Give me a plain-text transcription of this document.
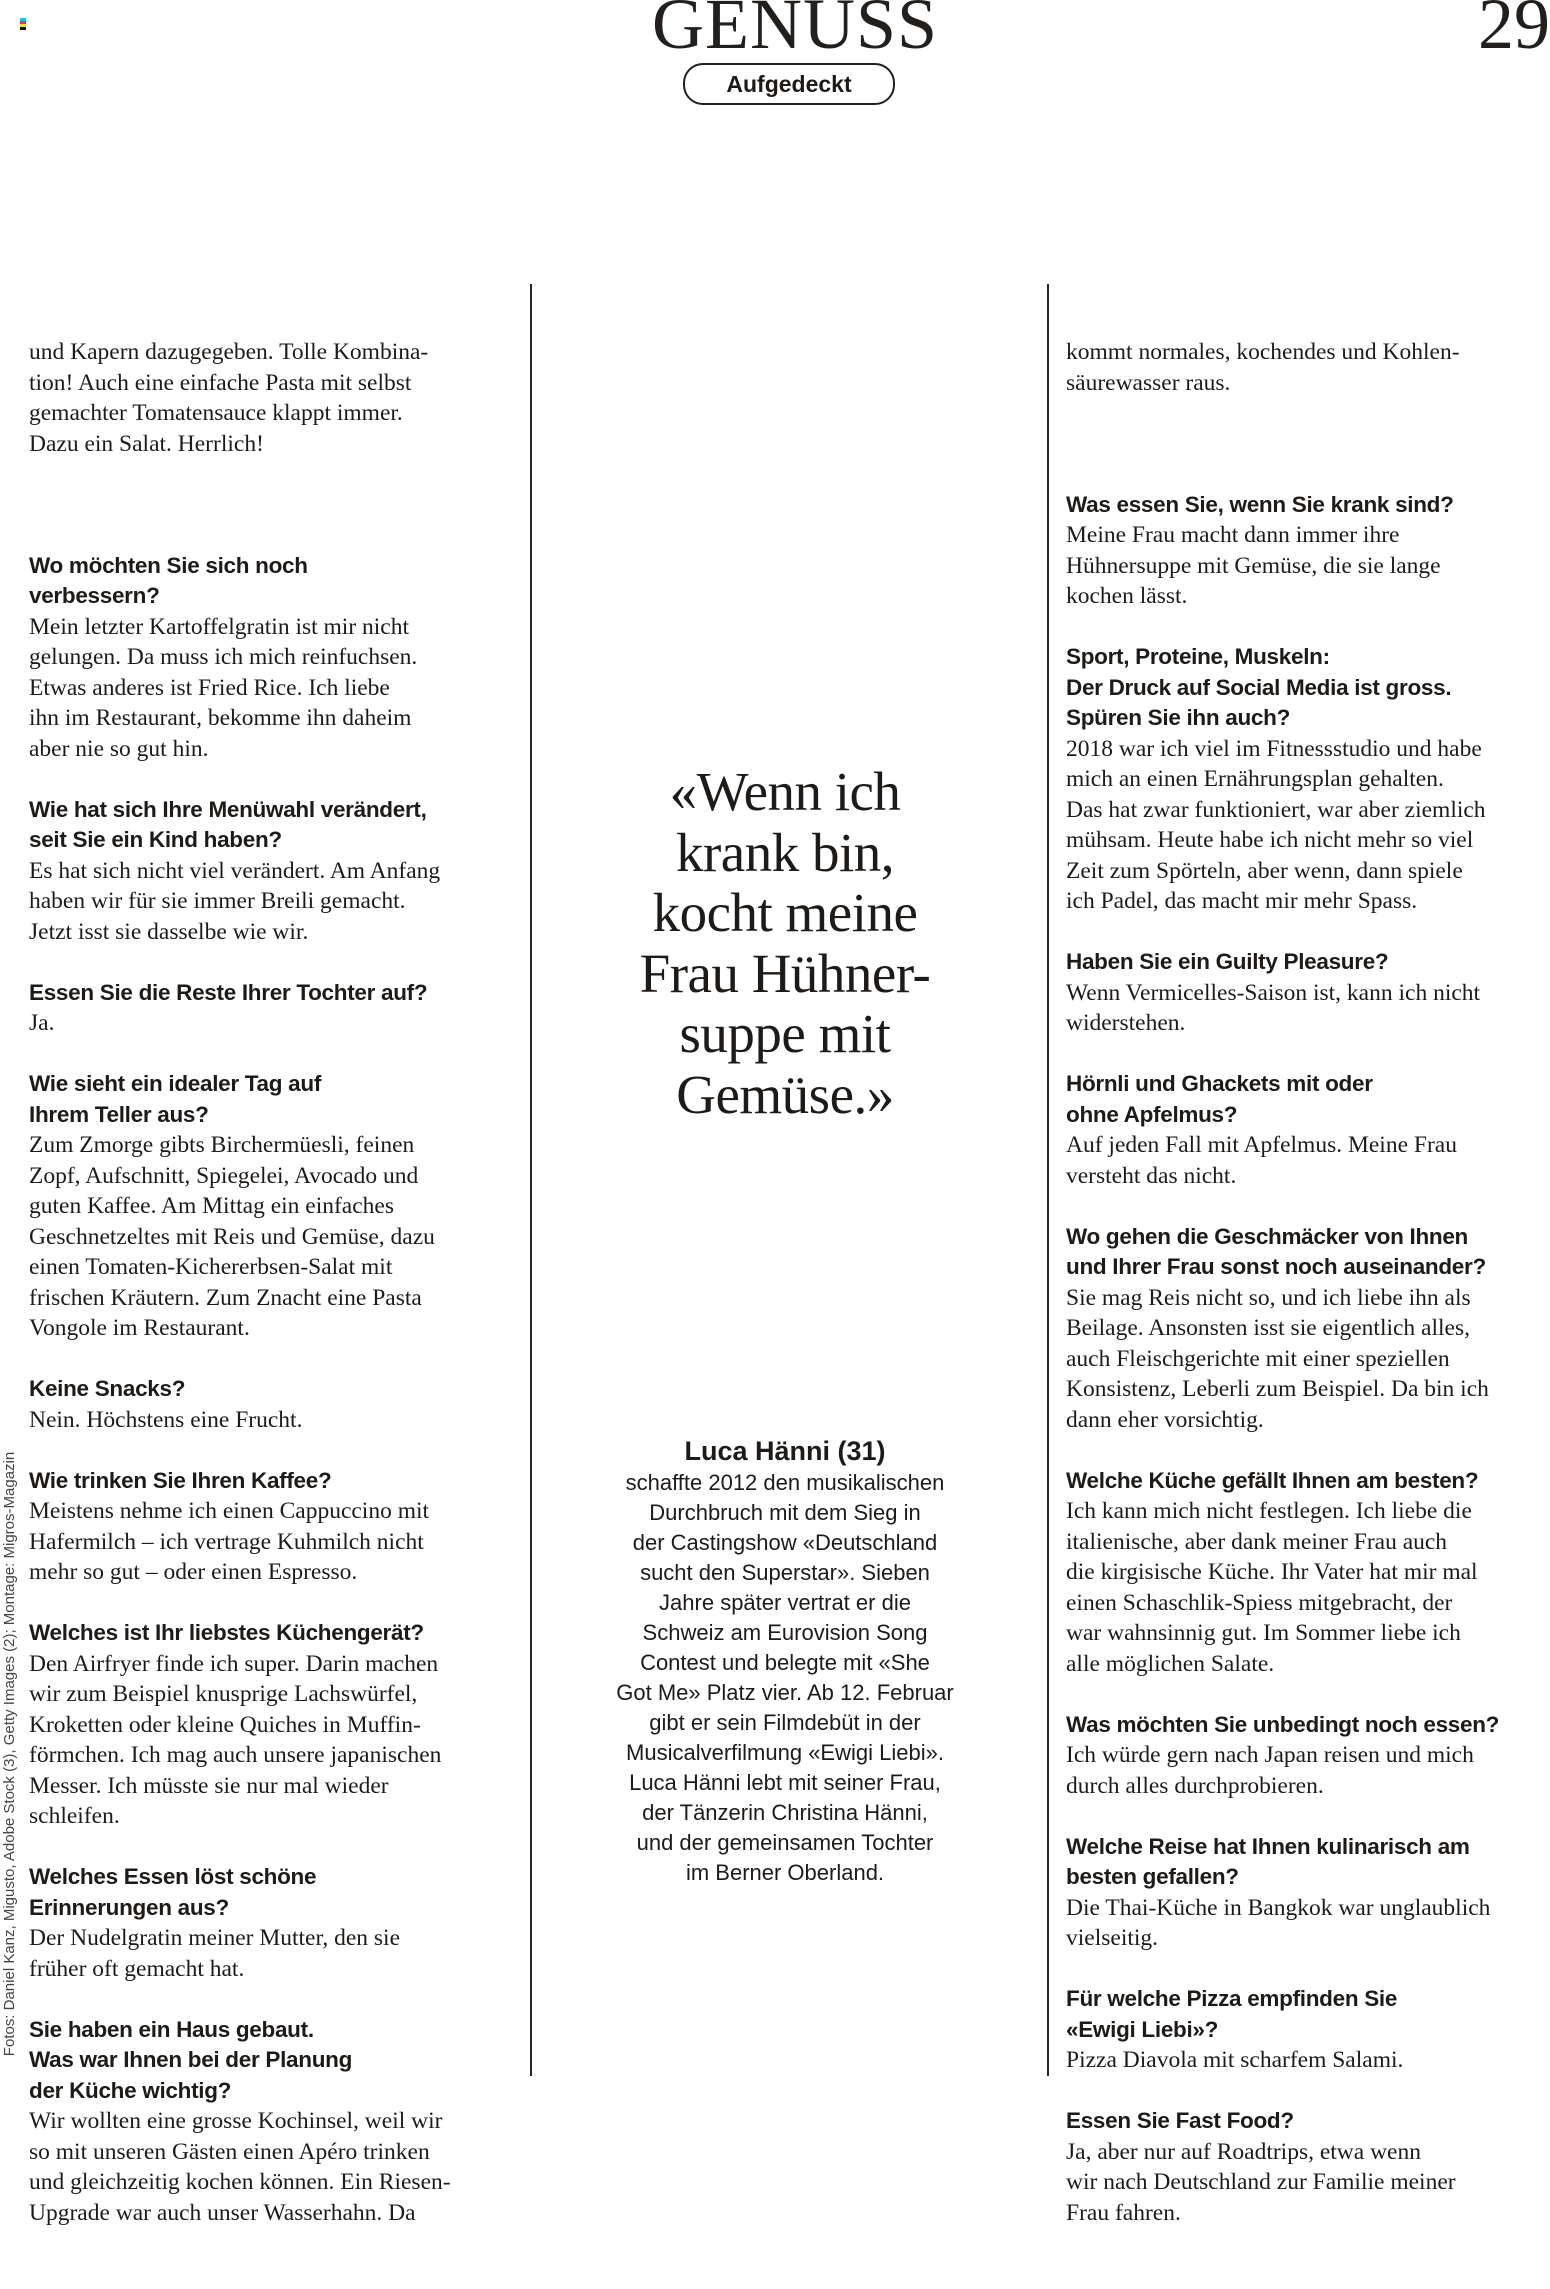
GENUSS	29
Aufgedeckt
Fotos: Daniel Kanz, Migusto, Adobe Stock (3), Getty Images (2); Montage: Migros-Magazin

und Kapern dazugegeben. Tolle Kombina-
tion! Auch eine einfache Pasta mit selbst
gemachter Tomatensauce klappt immer.
Dazu ein Salat. Herrlich!

Wo möchten Sie sich noch
verbessern?
Mein letzter Kartoffelgratin ist mir nicht
gelungen. Da muss ich mich reinfuchsen.
Etwas anderes ist Fried Rice. Ich liebe
ihn im Restaurant, bekomme ihn daheim
aber nie so gut hin.
Wie hat sich Ihre Menüwahl verändert,
seit Sie ein Kind haben?
Es hat sich nicht viel verändert. Am Anfang
haben wir für sie immer Breili gemacht.
Jetzt isst sie dasselbe wie wir.
Essen Sie die Reste Ihrer Tochter auf?
Ja.
Wie sieht ein idealer Tag auf
Ihrem Teller aus?
Zum Zmorge gibts Birchermüesli, feinen
Zopf, Aufschnitt, Spiegelei, Avocado und
guten Kaffee. Am Mittag ein einfaches
Geschnetzeltes mit Reis und Gemüse, dazu
einen Tomaten-Kichererbsen-Salat mit
frischen Kräutern. Zum Znacht eine Pasta
Vongole im Restaurant.
Keine Snacks?
Nein. Höchstens eine Frucht.
Wie trinken Sie Ihren Kaffee?
Meistens nehme ich einen Cappuccino mit
Hafermilch – ich vertrage Kuhmilch nicht
mehr so gut – oder einen Espresso.
Welches ist Ihr liebstes Küchengerät?
Den Airfryer finde ich super. Darin machen
wir zum Beispiel knusprige Lachswürfel,
Kroketten oder kleine Quiches in Muffin-
förmchen. Ich mag auch unsere japanischen
Messer. Ich müsste sie nur mal wieder
schleifen.
Welches Essen löst schöne
Erinnerungen aus?
Der Nudelgratin meiner Mutter, den sie
früher oft gemacht hat.
Sie haben ein Haus gebaut.
Was war Ihnen bei der Planung
der Küche wichtig?
Wir wollten eine grosse Kochinsel, weil wir
so mit unseren Gästen einen Apéro trinken
und gleichzeitig kochen können. Ein Riesen-
Upgrade war auch unser Wasserhahn. Da

«Wenn ich
krank bin,
kocht meine
Frau Hühner-
suppe mit
Gemüse.»
Luca Hänni (31)
schaffte 2012 den musikalischen
Durchbruch mit dem Sieg in
der Castingshow «Deutschland
sucht den Superstar». Sieben
Jahre später vertrat er die
Schweiz am Eurovision Song
Contest und belegte mit «She
Got Me» Platz vier. Ab 12. Februar
gibt er sein Filmdebüt in der
Musicalverfilmung «Ewigi Liebi».
Luca Hänni lebt mit seiner Frau,
der Tänzerin Christina Hänni,
und der gemeinsamen Tochter
im Berner Oberland.

kommt normales, kochendes und Kohlen-
säurewasser raus.

Was essen Sie, wenn Sie krank sind?
Meine Frau macht dann immer ihre
Hühnersuppe mit Gemüse, die sie lange
kochen lässt.
Sport, Proteine, Muskeln:
Der Druck auf Social Media ist gross.
Spüren Sie ihn auch?
2018 war ich viel im Fitnessstudio und habe
mich an einen Ernährungsplan gehalten.
Das hat zwar funktioniert, war aber ziemlich
mühsam. Heute habe ich nicht mehr so viel
Zeit zum Spörteln, aber wenn, dann spiele
ich Padel, das macht mir mehr Spass.
Haben Sie ein Guilty Pleasure?
Wenn Vermicelles-Saison ist, kann ich nicht
widerstehen.
Hörnli und Ghackets mit oder
ohne Apfelmus?
Auf jeden Fall mit Apfelmus. Meine Frau
versteht das nicht.
Wo gehen die Geschmäcker von Ihnen
und Ihrer Frau sonst noch auseinander?
Sie mag Reis nicht so, und ich liebe ihn als
Beilage. Ansonsten isst sie eigentlich alles,
auch Fleischgerichte mit einer speziellen
Konsistenz, Leberli zum Beispiel. Da bin ich
dann eher vorsichtig.
Welche Küche gefällt Ihnen am besten?
Ich kann mich nicht festlegen. Ich liebe die
italienische, aber dank meiner Frau auch
die kirgisische Küche. Ihr Vater hat mir mal
einen Schaschlik-Spiess mitgebracht, der
war wahnsinnig gut. Im Sommer liebe ich
alle möglichen Salate.
Was möchten Sie unbedingt noch essen?
Ich würde gern nach Japan reisen und mich
durch alles durchprobieren.
Welche Reise hat Ihnen kulinarisch am
besten gefallen?
Die Thai-Küche in Bangkok war unglaublich
vielseitig.
Für welche Pizza empfinden Sie
«Ewigi Liebi»?
Pizza Diavola mit scharfem Salami.
Essen Sie Fast Food?
Ja, aber nur auf Roadtrips, etwa wenn
wir nach Deutschland zur Familie meiner
Frau fahren.
